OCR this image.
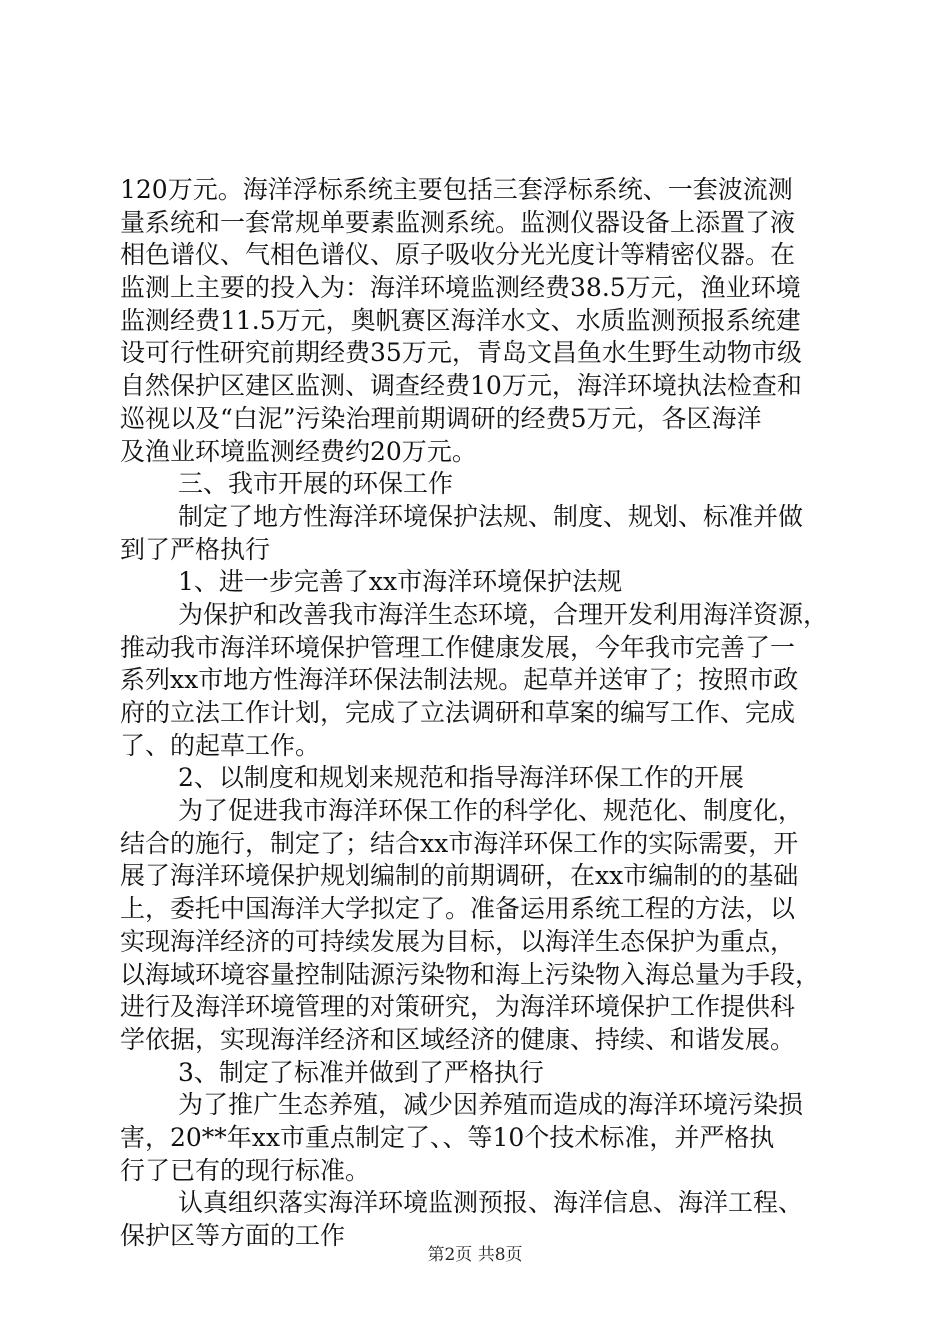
120万元。海洋浮标系统主要包括三套浮标系统、一套波流测
量系统和一套常规单要素监测系统。监测仪器设备上添置了液
相色谱仪、气相色谱仪、原子吸收分光光度计等精密仪器。在
监测上主要的投入为：海洋环境监测经费38.5万元，渔业环境
监测经费11.5万元，奥帆赛区海洋水文、水质监测预报系统建
设可行性研究前期经费35万元，青岛文昌鱼水生野生动物市级
自然保护区建区监测、调查经费10万元，海洋环境执法检查和
巡视以及“白泥”污染治理前期调研的经费5万元，各区海洋
及渔业环境监测经费约20万元。
三、我市开展的环保工作
制定了地方性海洋环境保护法规、制度、规划、标准并做
到了严格执行
1、进一步完善了xx市海洋环境保护法规
为保护和改善我市海洋生态环境，合理开发利用海洋资源，
推动我市海洋环境保护管理工作健康发展，今年我市完善了一
系列xx市地方性海洋环保法制法规。起草并送审了；按照市政
府的立法工作计划，完成了立法调研和草案的编写工作、完成
了、的起草工作。
2、以制度和规划来规范和指导海洋环保工作的开展
为了促进我市海洋环保工作的科学化、规范化、制度化，
结合的施行，制定了；结合xx市海洋环保工作的实际需要，开
展了海洋环境保护规划编制的前期调研，在xx市编制的的基础
上，委托中国海洋大学拟定了。准备运用系统工程的方法，以
实现海洋经济的可持续发展为目标，以海洋生态保护为重点，
以海域环境容量控制陆源污染物和海上污染物入海总量为手段，
进行及海洋环境管理的对策研究，为海洋环境保护工作提供科
学依据，实现海洋经济和区域经济的健康、持续、和谐发展。
3、制定了标准并做到了严格执行
为了推广生态养殖，减少因养殖而造成的海洋环境污染损
害，20**年xx市重点制定了、、等10个技术标准，并严格执
行了已有的现行标准。
认真组织落实海洋环境监测预报、海洋信息、海洋工程、
保护区等方面的工作
第2页 共8页
